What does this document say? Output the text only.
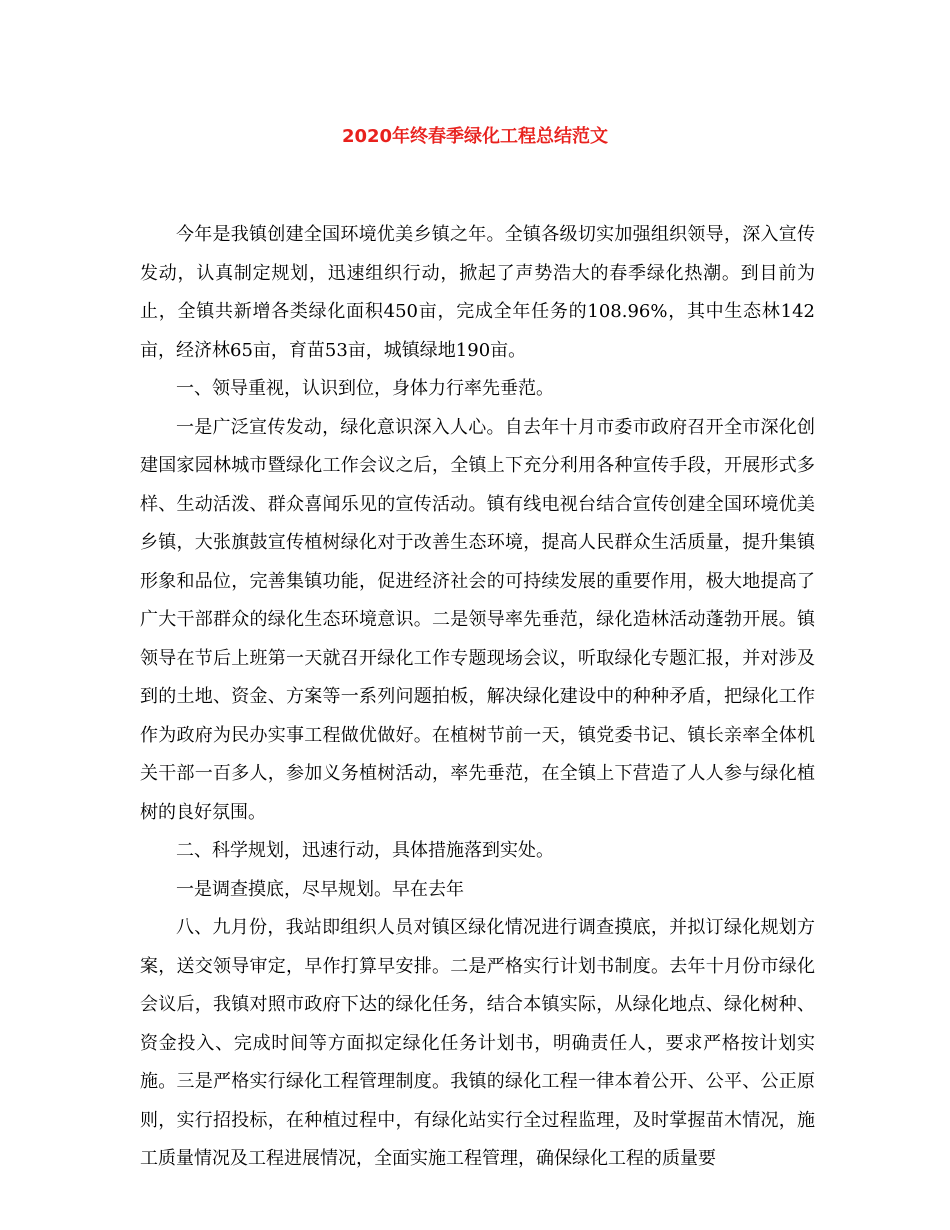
2020年终春季绿化工程总结范文

今年是我镇创建全国环境优美乡镇之年。全镇各级切实加强组织领导，深入宣传发动，认真制定规划，迅速组织行动，掀起了声势浩大的春季绿化热潮。到目前为止，全镇共新增各类绿化面积450亩，完成全年任务的108.96%，其中生态林142亩，经济林65亩，育苗53亩，城镇绿地190亩。

一、领导重视，认识到位，身体力行率先垂范。

一是广泛宣传发动，绿化意识深入人心。自去年十月市委市政府召开全市深化创建国家园林城市暨绿化工作会议之后，全镇上下充分利用各种宣传手段，开展形式多样、生动活泼、群众喜闻乐见的宣传活动。镇有线电视台结合宣传创建全国环境优美乡镇，大张旗鼓宣传植树绿化对于改善生态环境，提高人民群众生活质量，提升集镇形象和品位，完善集镇功能，促进经济社会的可持续发展的重要作用，极大地提高了广大干部群众的绿化生态环境意识。二是领导率先垂范，绿化造林活动蓬勃开展。镇领导在节后上班第一天就召开绿化工作专题现场会议，听取绿化专题汇报，并对涉及到的土地、资金、方案等一系列问题拍板，解决绿化建设中的种种矛盾，把绿化工作作为政府为民办实事工程做优做好。在植树节前一天，镇党委书记、镇长亲率全体机关干部一百多人，参加义务植树活动，率先垂范，在全镇上下营造了人人参与绿化植树的良好氛围。

二、科学规划，迅速行动，具体措施落到实处。

一是调查摸底，尽早规划。早在去年

八、九月份，我站即组织人员对镇区绿化情况进行调查摸底，并拟订绿化规划方案，送交领导审定，早作打算早安排。二是严格实行计划书制度。去年十月份市绿化会议后，我镇对照市政府下达的绿化任务，结合本镇实际，从绿化地点、绿化树种、资金投入、完成时间等方面拟定绿化任务计划书，明确责任人，要求严格按计划实施。三是严格实行绿化工程管理制度。我镇的绿化工程一律本着公开、公平、公正原则，实行招投标，在种植过程中，有绿化站实行全过程监理，及时掌握苗木情况，施工质量情况及工程进展情况，全面实施工程管理，确保绿化工程的质量要
